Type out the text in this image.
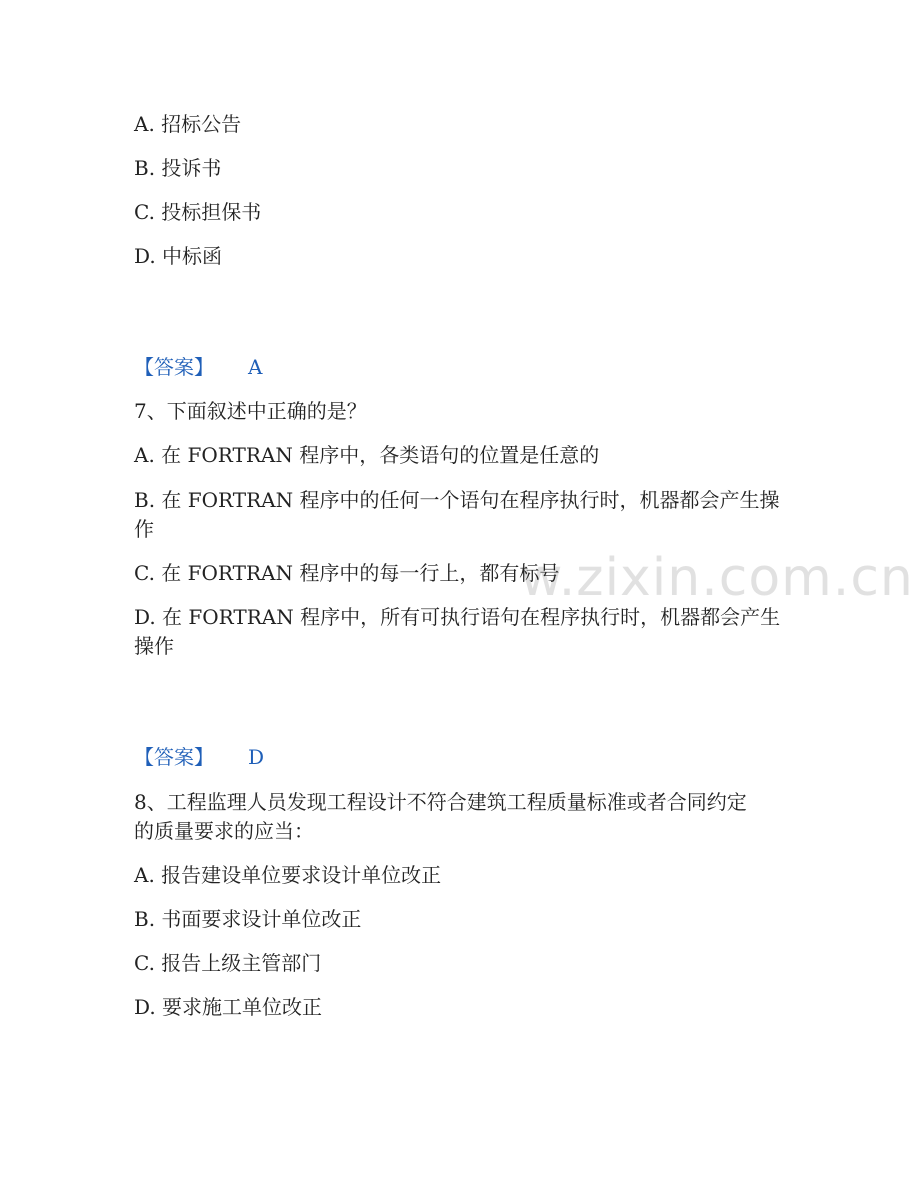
w.zixin.com.cn
A. 招标公告
B. 投诉书
C. 投标担保书
D. 中标函
【答案】 A
7、下面叙述中正确的是？
A. 在 FORTRAN 程序中，各类语句的位置是任意的
B. 在 FORTRAN 程序中的任何一个语句在程序执行时，机器都会产生操
作
C. 在 FORTRAN 程序中的每一行上，都有标号
D. 在 FORTRAN 程序中，所有可执行语句在程序执行时，机器都会产生
操作
【答案】 D
8、工程监理人员发现工程设计不符合建筑工程质量标准或者合同约定
的质量要求的应当：
A. 报告建设单位要求设计单位改正
B. 书面要求设计单位改正
C. 报告上级主管部门
D. 要求施工单位改正
